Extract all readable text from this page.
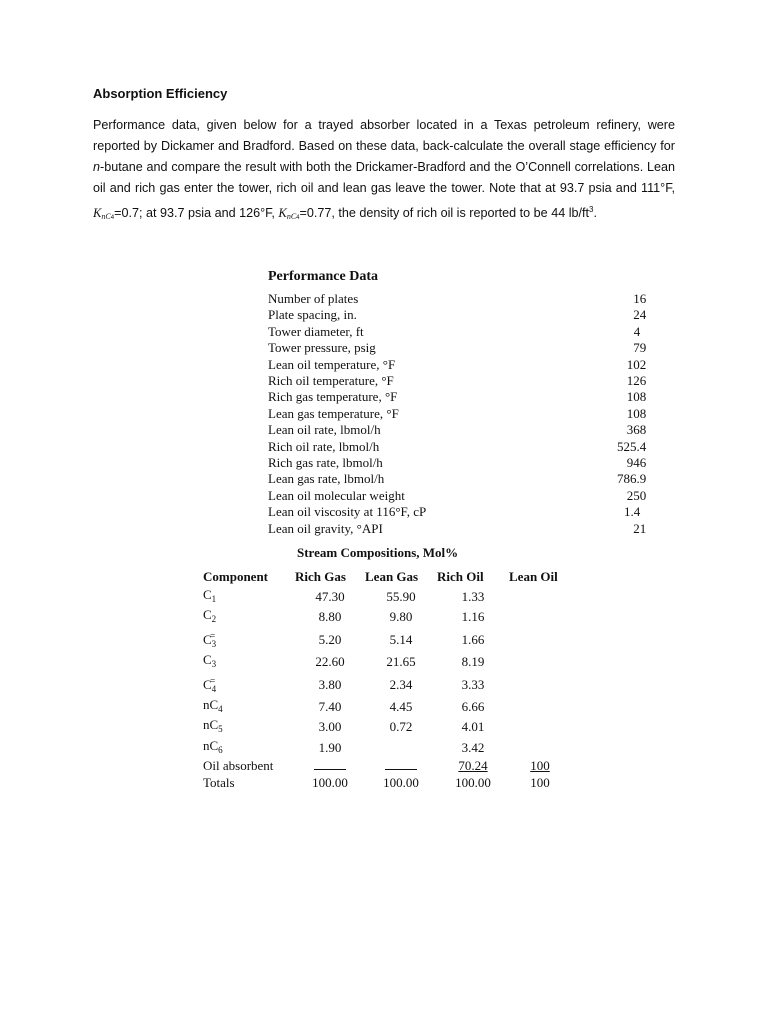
Absorption Efficiency
Performance data, given below for a trayed absorber located in a Texas petroleum refinery, were reported by Dickamer and Bradford. Based on these data, back-calculate the overall stage efficiency for n-butane and compare the result with both the Drickamer-Bradford and the O’Connell correlations. Lean oil and rich gas enter the tower, rich oil and lean gas leave the tower. Note that at 93.7 psia and 111°F, $K_{nC4}=0.7$; at 93.7 psia and 126°F, $K_{nC4}=0.77$, the density of rich oil is reported to be 44 $lb/ft^3$.
Performance Data
Number of plates	16
Plate spacing, in.	24
Tower diameter, ft	4
Tower pressure, psig	79
Lean oil temperature, °F	102
Rich oil temperature, °F	126
Rich gas temperature, °F	108
Lean gas temperature, °F	108
Lean oil rate, lbmol/h	368
Rich oil rate, lbmol/h	525.4
Rich gas rate, lbmol/h	946
Lean gas rate, lbmol/h	786.9
Lean oil molecular weight	250
Lean oil viscosity at 116°F, cP	1.4
Lean oil gravity, °API	21
Stream Compositions, Mol%
Component	Rich Gas	Lean Gas	Rich Oil	Lean Oil
$C_1$	47.30	55.90	1.33	
$C_2$	8.80	9.80	1.16	
$C_3^=$	5.20	5.14	1.66	
$C_3$	22.60	21.65	8.19	
$C_4^=$	3.80	2.34	3.33	
$nC_4$	7.40	4.45	6.66	
$nC_5$	3.00	0.72	4.01	
$nC_6$	1.90		3.42	
Oil absorbent			70.24	100
Totals	100.00	100.00	100.00	100
